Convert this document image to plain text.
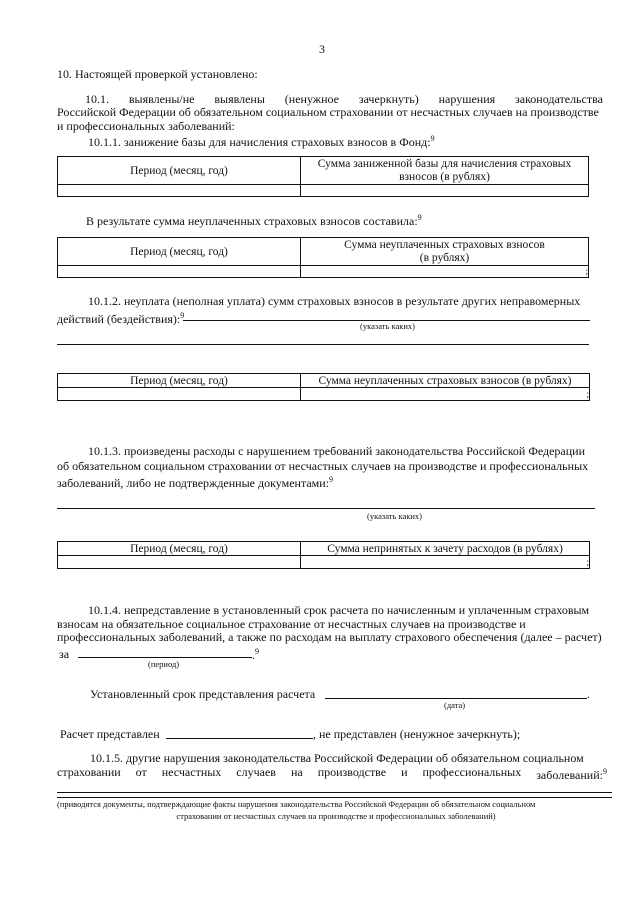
3
10. Настоящей проверкой установлено:
10.1. выявлены/не выявлены (ненужное зачеркнуть) нарушения законодательства
Российской Федерации об обязательном социальном страховании от несчастных случаев на производстве
и профессиональных заболеваний:
10.1.1. занижение базы для начисления страховых взносов в Фонд:$^9$
Период (месяц, год)	Сумма заниженной базы для начисления страховых
взносов (в рублях)

В результате сумма неуплаченных страховых взносов составила:$^9$
Период (месяц, год)	Сумма неуплаченных страховых взносов
(в рублях)

	;
10.1.2. неуплата (неполная уплата) сумм страховых взносов в результате других неправомерных
действий (бездействия):$^9$
(указать каких)
Период (месяц, год)	Сумма неуплаченных страховых взносов (в рублях)
	;
10.1.3. произведены расходы с нарушением требований законодательства Российской Федерации
об обязательном социальном страховании от несчастных случаев на производстве и профессиональных
заболеваний, либо не подтвержденные документами:$^9$
(указать каких)
Период (месяц, год)	Сумма непринятых к зачету расходов (в рублях)
	;
10.1.4. непредставление в установленный срок расчета по начисленным и уплаченным страховым
взносам на обязательное социальное страхование от несчастных случаев на производстве и
профессиональных заболеваний, а также по расходам на выплату страхового обеспечения (далее – расчет)
за	.$^9$
(период)
Установленный срок представления расчета	.
(дата)
Расчет представлен	, не представлен (ненужное зачеркнуть);
10.1.5. другие нарушения законодательства Российской Федерации об обязательном социальном
страховании от несчастных случаев на производстве и профессиональных заболеваний:$^9$
(приводятся документы, подтверждающие факты нарушения законодательства Российской Федерации об обязательном социальном
страховании от несчастных случаев на производстве и профессиональных заболеваний)
